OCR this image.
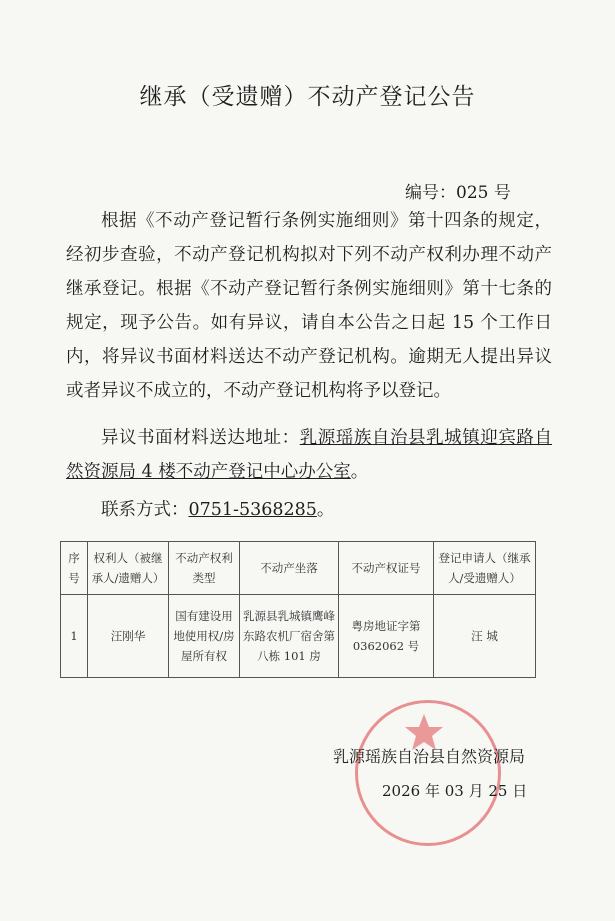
继承（受遗赠）不动产登记公告
编号：025 号
根据《不动产登记暂行条例实施细则》第十四条的规定，经初步查验，不动产登记机构拟对下列不动产权利办理不动产继承登记。根据《不动产登记暂行条例实施细则》第十七条的规定，现予公告。如有异议，请自本公告之日起 15 个工作日内，将异议书面材料送达不动产登记机构。逾期无人提出异议或者异议不成立的，不动产登记机构将予以登记。
异议书面材料送达地址：乳源瑶族自治县乳城镇迎宾路自然资源局 4 楼不动产登记中心办公室。
联系方式：0751-5368285。
序号	权利人（被继承人/遗赠人）	不动产权利类型	不动产坐落	不动产权证号	登记申请人（继承人/受遗赠人）
1	汪刚华	国有建设用地使用权/房屋所有权	乳源县乳城镇鹰峰东路农机厂宿舍第八栋 101 房	粤房地证字第 0362062 号	汪 城
乳源瑶族自治县自然资源局
2026 年 03 月 25 日
